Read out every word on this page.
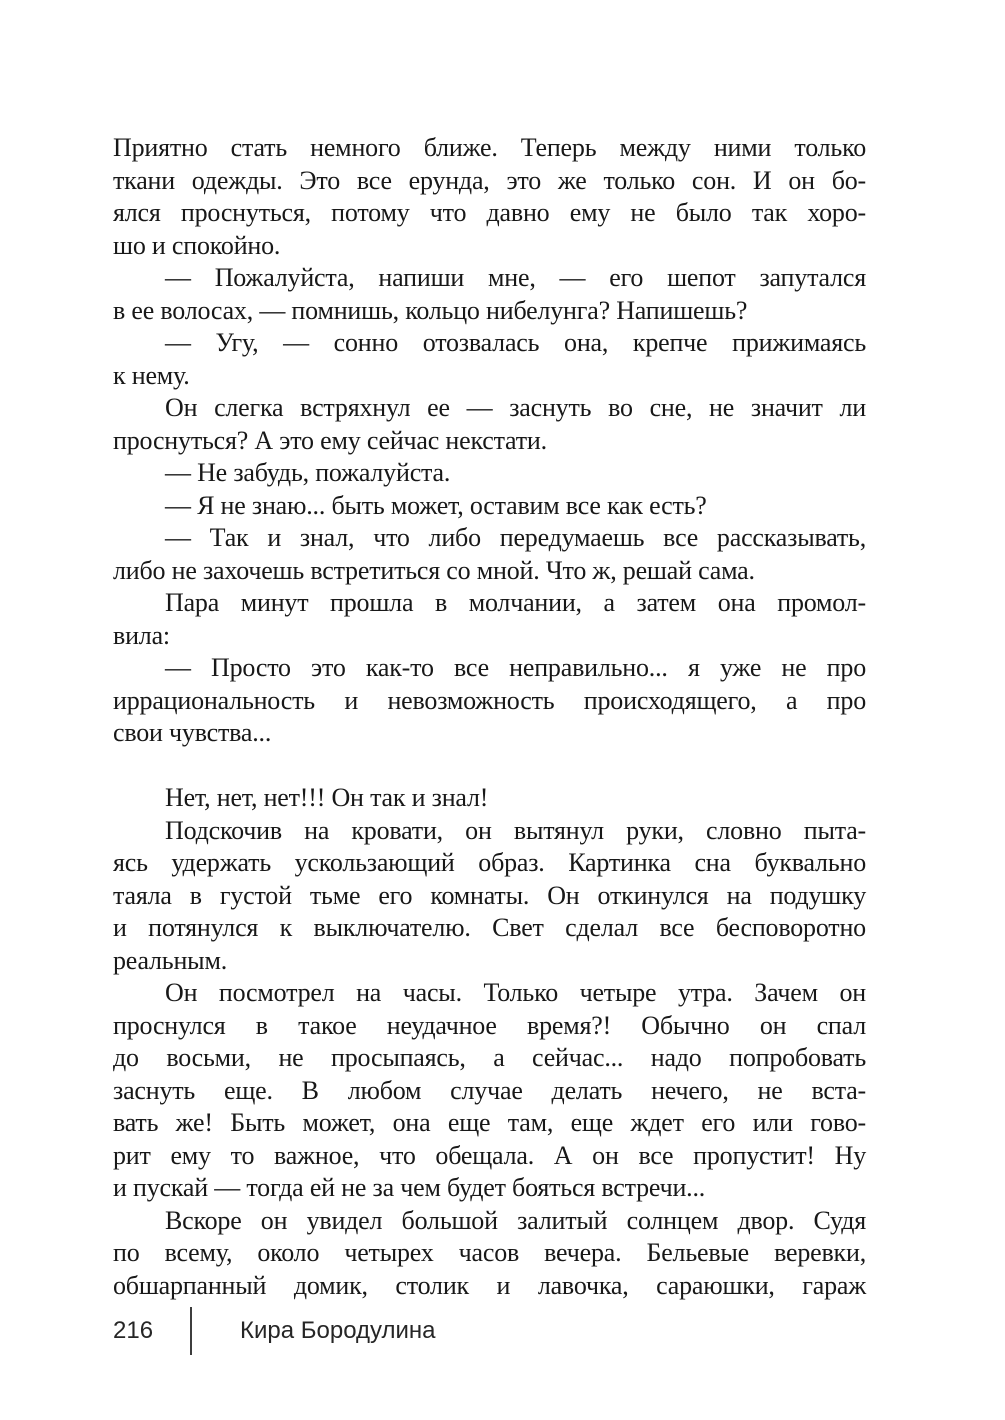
Приятно стать немного ближе. Теперь между ними только
ткани одежды. Это все ерунда, это же только сон. И он бо-
ялся проснуться, потому что давно ему не было так хоро-
шо и спокойно.
— Пожалуйста, напиши мне, — его шепот запутался
в ее волосах, — помнишь, кольцо нибелунга? Напишешь?
— Угу, — сонно отозвалась она, крепче прижимаясь
к нему.
Он слегка встряхнул ее — заснуть во сне, не значит ли
проснуться? А это ему сейчас некстати.
— Не забудь, пожалуйста.
— Я не знаю... быть может, оставим все как есть?
— Так и знал, что либо передумаешь все рассказывать,
либо не захочешь встретиться со мной. Что ж, решай сама.
Пара минут прошла в молчании, а затем она промол-
вила:
— Просто это как-то все неправильно... я уже не про
иррациональность и невозможность происходящего, а про
свои чувства...
Нет, нет, нет!!! Он так и знал!
Подскочив на кровати, он вытянул руки, словно пыта-
ясь удержать ускользающий образ. Картинка сна буквально
таяла в густой тьме его комнаты. Он откинулся на подушку
и потянулся к выключателю. Свет сделал все бесповоротно
реальным.
Он посмотрел на часы. Только четыре утра. Зачем он
проснулся в такое неудачное время?! Обычно он спал
до восьми, не просыпаясь, а сейчас... надо попробовать
заснуть еще. В любом случае делать нечего, не вста-
вать же! Быть может, она еще там, еще ждет его или гово-
рит ему то важное, что обещала. А он все пропустит! Ну
и пускай — тогда ей не за чем будет бояться встречи...
Вскоре он увидел большой залитый солнцем двор. Судя
по всему, около четырех часов вечера. Бельевые веревки,
обшарпанный домик, столик и лавочка, сараюшки, гараж
216	Кира Бородулина
